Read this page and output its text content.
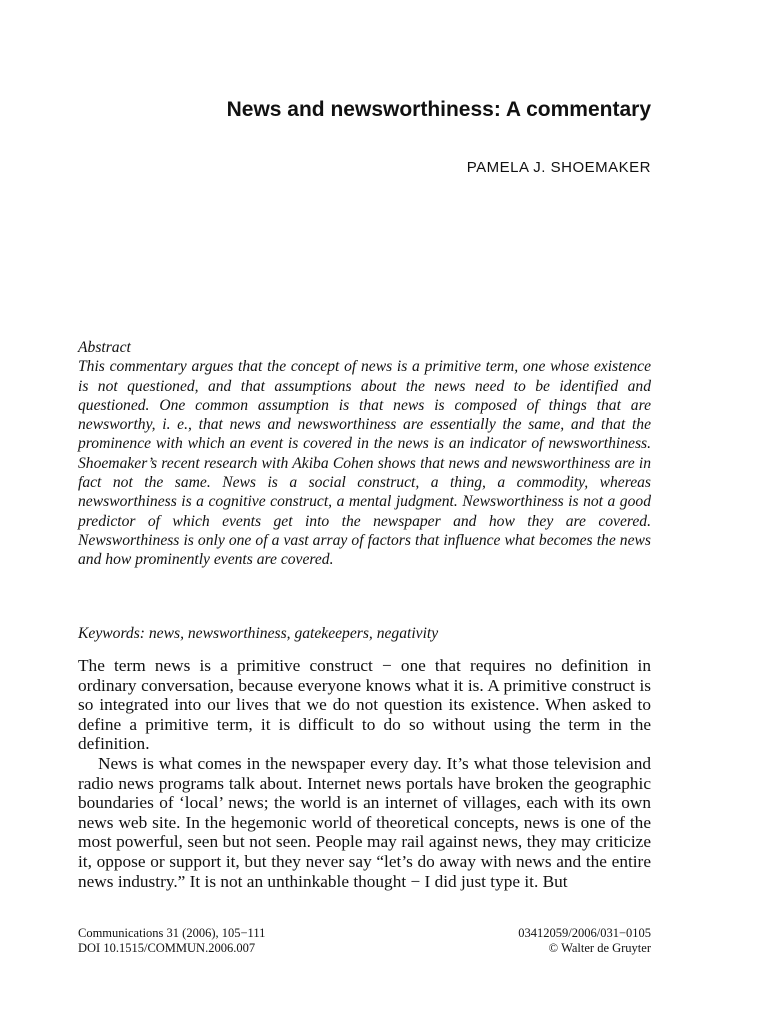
News and newsworthiness: A commentary
PAMELA J. SHOEMAKER
Abstract
This commentary argues that the concept of news is a primitive term, one whose existence is not questioned, and that assumptions about the news need to be identified and questioned. One common assumption is that news is composed of things that are newsworthy, i. e., that news and newsworthiness are essentially the same, and that the prominence with which an event is covered in the news is an indicator of newsworthiness. Shoemaker’s recent research with Akiba Cohen shows that news and newsworthiness are in fact not the same. News is a social construct, a thing, a commodity, whereas newsworthiness is a cognitive construct, a mental judgment. Newsworthiness is not a good predictor of which events get into the newspaper and how they are covered. Newsworthiness is only one of a vast array of factors that influence what becomes the news and how prominently events are covered.

Keywords: news, newsworthiness, gatekeepers, negativity

The term news is a primitive construct − one that requires no definition in ordinary conversation, because everyone knows what it is. A primitive construct is so integrated into our lives that we do not question its existence. When asked to define a primitive term, it is difficult to do so without using the term in the definition.

News is what comes in the newspaper every day. It’s what those television and radio news programs talk about. Internet news portals have broken the geographic boundaries of ‘local’ news; the world is an internet of villages, each with its own news web site. In the hegemonic world of theoretical concepts, news is one of the most powerful, seen but not seen. People may rail against news, they may criticize it, oppose or support it, but they never say “let’s do away with news and the entire news industry.” It is not an unthinkable thought − I did just type it. But

Communications 31 (2006), 105−111
DOI 10.1515/COMMUN.2006.007
03412059/2006/031−0105
© Walter de Gruyter
